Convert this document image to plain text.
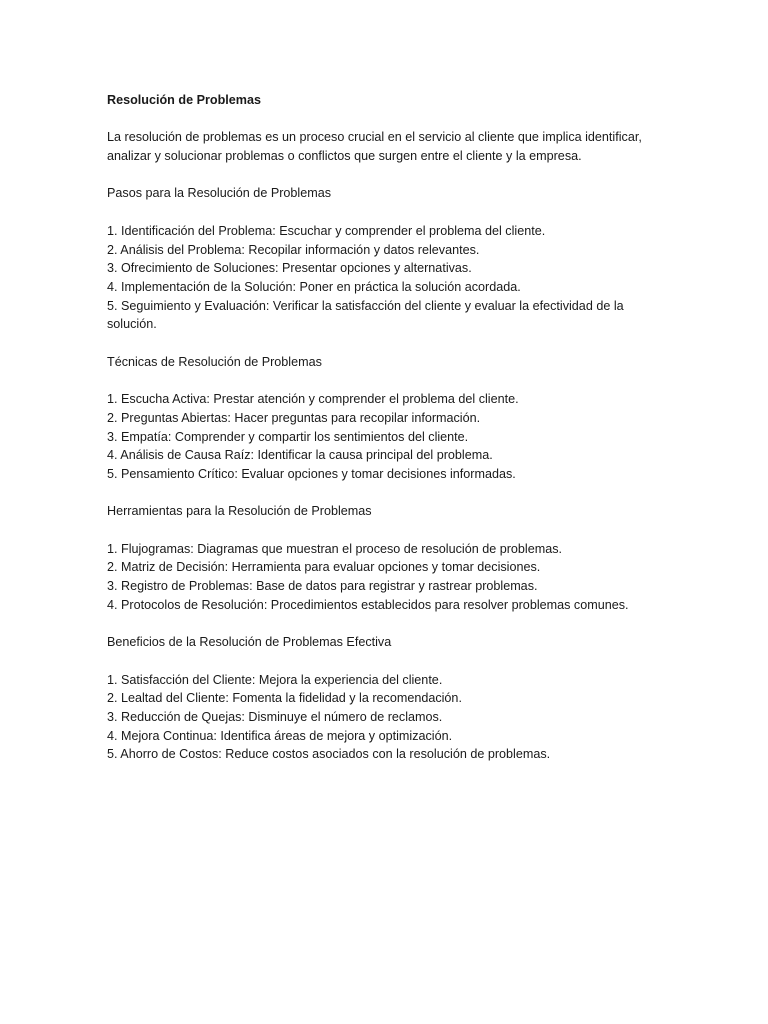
Resolución de Problemas

La resolución de problemas es un proceso crucial en el servicio al cliente que implica identificar, analizar y solucionar problemas o conflictos que surgen entre el cliente y la empresa.

Pasos para la Resolución de Problemas

1. Identificación del Problema: Escuchar y comprender el problema del cliente.
2. Análisis del Problema: Recopilar información y datos relevantes.
3. Ofrecimiento de Soluciones: Presentar opciones y alternativas.
4. Implementación de la Solución: Poner en práctica la solución acordada.
5. Seguimiento y Evaluación: Verificar la satisfacción del cliente y evaluar la efectividad de la solución.

Técnicas de Resolución de Problemas

1. Escucha Activa: Prestar atención y comprender el problema del cliente.
2. Preguntas Abiertas: Hacer preguntas para recopilar información.
3. Empatía: Comprender y compartir los sentimientos del cliente.
4. Análisis de Causa Raíz: Identificar la causa principal del problema.
5. Pensamiento Crítico: Evaluar opciones y tomar decisiones informadas.

Herramientas para la Resolución de Problemas

1. Flujogramas: Diagramas que muestran el proceso de resolución de problemas.
2. Matriz de Decisión: Herramienta para evaluar opciones y tomar decisiones.
3. Registro de Problemas: Base de datos para registrar y rastrear problemas.
4. Protocolos de Resolución: Procedimientos establecidos para resolver problemas comunes.

Beneficios de la Resolución de Problemas Efectiva

1. Satisfacción del Cliente: Mejora la experiencia del cliente.
2. Lealtad del Cliente: Fomenta la fidelidad y la recomendación.
3. Reducción de Quejas: Disminuye el número de reclamos.
4. Mejora Continua: Identifica áreas de mejora y optimización.
5. Ahorro de Costos: Reduce costos asociados con la resolución de problemas.
